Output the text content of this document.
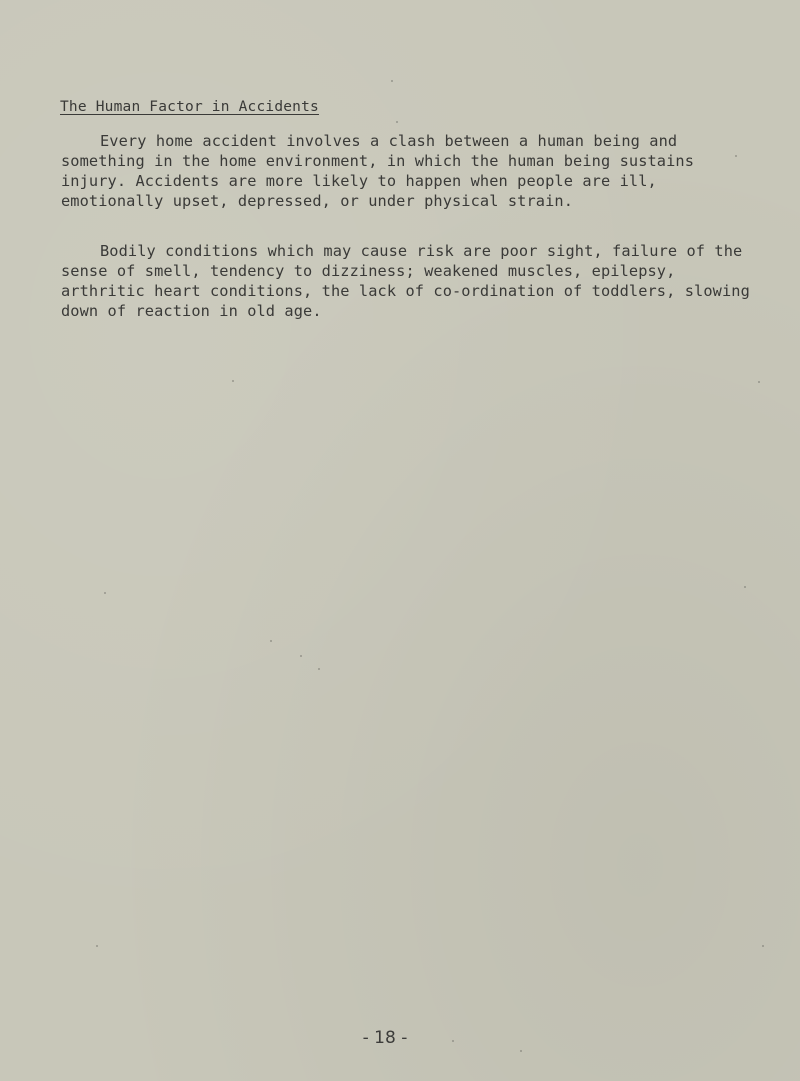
The Human Factor in Accidents

Every home accident involves a clash between a human being and
something in the home environment, in which the human being sustains
injury. Accidents are more likely to happen when people are ill,
emotionally upset, depressed, or under physical strain.

Bodily conditions which may cause risk are poor sight, failure of the
sense of smell, tendency to dizziness; weakened muscles, epilepsy,
arthritic heart conditions, the lack of co-ordination of toddlers, slowing
down of reaction in old age.

- 18 -
